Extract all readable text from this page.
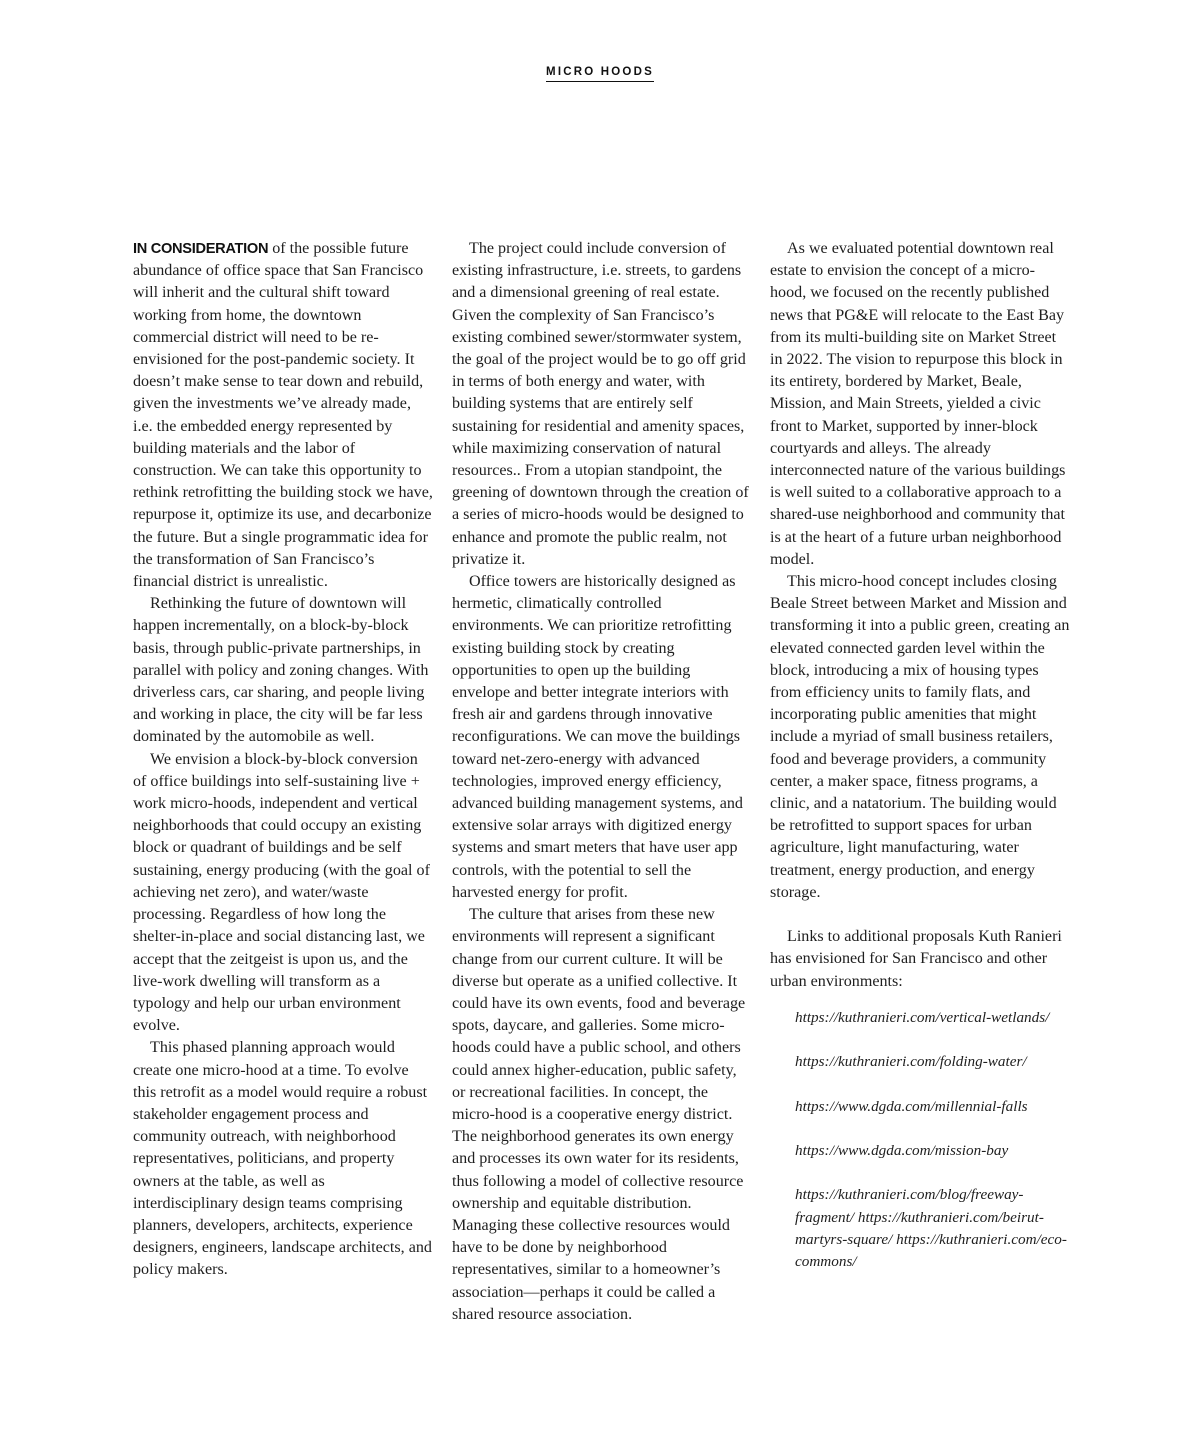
MICRO HOODS

IN CONSIDERATION of the possible future abundance of office space that San Francisco will inherit and the cultural shift toward working from home, the downtown commercial district will need to be re-envisioned for the post-pandemic society. It doesn’t make sense to tear down and rebuild, given the investments we’ve already made, i.e. the embedded energy represented by building materials and the labor of construction. We can take this opportunity to rethink retrofitting the building stock we have, repurpose it, optimize its use, and decarbonize the future. But a single programmatic idea for the transformation of San Francisco’s financial district is unrealistic.

Rethinking the future of downtown will happen incrementally, on a block-by-block basis, through public-private partnerships, in parallel with policy and zoning changes. With driverless cars, car sharing, and people living and working in place, the city will be far less dominated by the automobile as well.

We envision a block-by-block conversion of office buildings into self-sustaining live + work micro-hoods, independent and vertical neighborhoods that could occupy an existing block or quadrant of buildings and be self sustaining, energy producing (with the goal of achieving net zero), and water/waste processing. Regardless of how long the shelter-in-place and social distancing last, we accept that the zeitgeist is upon us, and the live-work dwelling will transform as a typology and help our urban environment evolve.

This phased planning approach would create one micro-hood at a time. To evolve this retrofit as a model would require a robust stakeholder engagement process and community outreach, with neighborhood representatives, politicians, and property owners at the table, as well as interdisciplinary design teams comprising planners, developers, architects, experience designers, engineers, landscape architects, and policy makers.

The project could include conversion of existing infrastructure, i.e. streets, to gardens and a dimensional greening of real estate. Given the complexity of San Francisco’s existing combined sewer/stormwater system, the goal of the project would be to go off grid in terms of both energy and water, with building systems that are entirely self sustaining for residential and amenity spaces, while maximizing conservation of natural resources.. From a utopian standpoint, the greening of downtown through the creation of a series of micro-hoods would be designed to enhance and promote the public realm, not privatize it.

Office towers are historically designed as hermetic, climatically controlled environments. We can prioritize retrofitting existing building stock by creating opportunities to open up the building envelope and better integrate interiors with fresh air and gardens through innovative reconfigurations. We can move the buildings toward net-zero-energy with advanced technologies, improved energy efficiency, advanced building management systems, and extensive solar arrays with digitized energy systems and smart meters that have user app controls, with the potential to sell the harvested energy for profit.

The culture that arises from these new environments will represent a significant change from our current culture. It will be diverse but operate as a unified collective. It could have its own events, food and beverage spots, daycare, and galleries. Some micro-hoods could have a public school, and others could annex higher-education, public safety, or recreational facilities. In concept, the micro-hood is a cooperative energy district. The neighborhood generates its own energy and processes its own water for its residents, thus following a model of collective resource ownership and equitable distribution. Managing these collective resources would have to be done by neighborhood representatives, similar to a homeowner’s association—perhaps it could be called a shared resource association.

As we evaluated potential downtown real estate to envision the concept of a micro-hood, we focused on the recently published news that PG&E will relocate to the East Bay from its multi-building site on Market Street in 2022. The vision to repurpose this block in its entirety, bordered by Market, Beale, Mission, and Main Streets, yielded a civic front to Market, supported by inner-block courtyards and alleys. The already interconnected nature of the various buildings is well suited to a collaborative approach to a shared-use neighborhood and community that is at the heart of a future urban neighborhood model.

This micro-hood concept includes closing Beale Street between Market and Mission and transforming it into a public green, creating an elevated connected garden level within the block, introducing a mix of housing types from efficiency units to family flats, and incorporating public amenities that might include a myriad of small business retailers, food and beverage providers, a community center, a maker space, fitness programs, a clinic, and a natatorium. The building would be retrofitted to support spaces for urban agriculture, light manufacturing, water treatment, energy production, and energy storage.

Links to additional proposals Kuth Ranieri has envisioned for San Francisco and other urban environments:

https://kuthranieri.com/vertical-wetlands/

https://kuthranieri.com/folding-water/

https://www.dgda.com/millennial-falls

https://www.dgda.com/mission-bay

https://kuthranieri.com/blog/freeway-fragment/ https://kuthranieri.com/beirut-martyrs-square/ https://kuthranieri.com/eco-commons/
